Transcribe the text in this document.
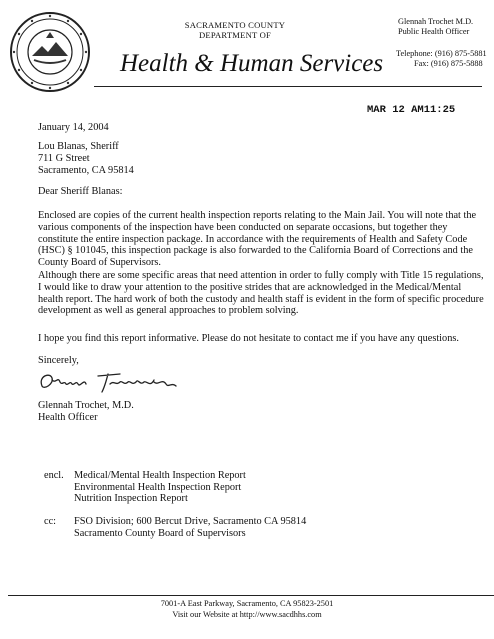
SACRAMENTO COUNTY
DEPARTMENT OF
Health & Human Services
Glennah Trochet M.D.
Public Health Officer
Telephone: (916) 875-5881
Fax: (916) 875-5888
MAR 12 AM11:25
January 14, 2004
Lou Blanas, Sheriff
711 G Street
Sacramento, CA 95814
Dear Sheriff Blanas:

Enclosed are copies of the current health inspection reports relating to the Main Jail. You will note that the various components of the inspection have been conducted on separate occasions, but together they constitute the entire inspection package. In accordance with the requirements of Health and Safety Code (HSC) § 101045, this inspection package is also forwarded to the California Board of Corrections and the County Board of Supervisors.

Although there are some specific areas that need attention in order to fully comply with Title 15 regulations, I would like to draw your attention to the positive strides that are acknowledged in the Medical/Mental health report. The hard work of both the custody and health staff is evident in the form of specific procedure development as well as general approaches to problem solving.

I hope you find this report informative. Please do not hesitate to contact me if you have any questions.

Sincerely,
Glennah Trochet, M.D.
Health Officer
encl. Medical/Mental Health Inspection Report
Environmental Health Inspection Report
Nutrition Inspection Report
cc: FSO Division; 600 Bercut Drive, Sacramento CA 95814
Sacramento County Board of Supervisors
7001-A East Parkway, Sacramento, CA 95823-2501
Visit our Website at http://www.sacdhhs.com
